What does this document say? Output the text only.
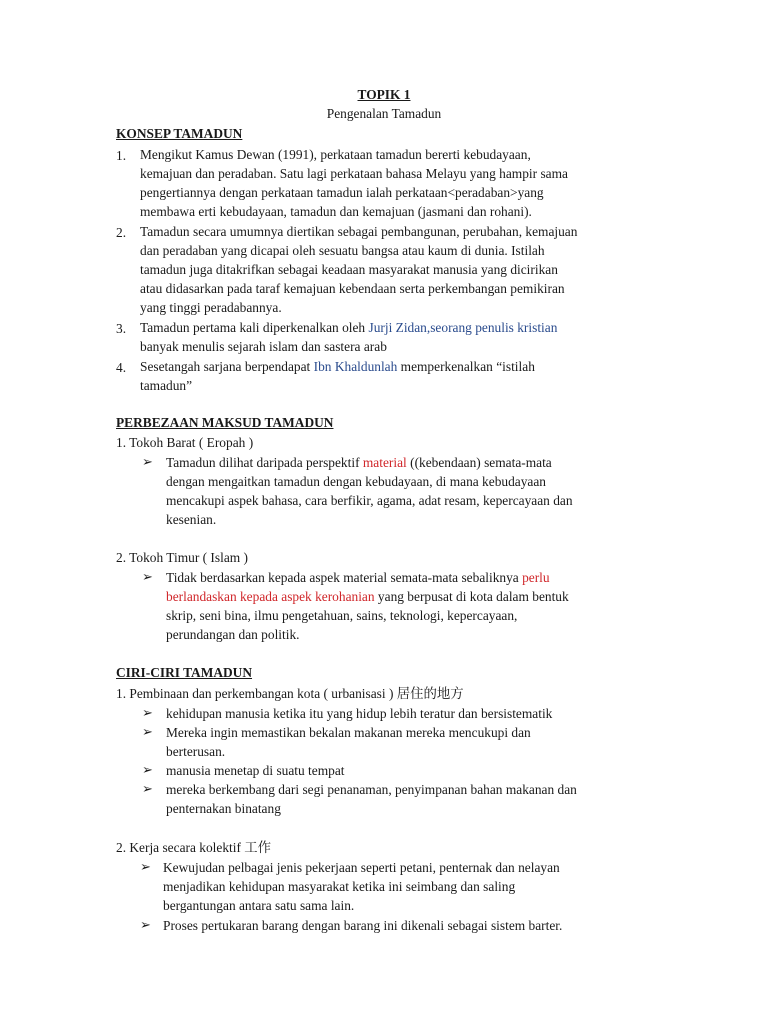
TOPIK 1
Pengenalan Tamadun
KONSEP TAMADUN
1. Mengikut Kamus Dewan (1991), perkataan tamadun bererti kebudayaan,
kemajuan dan peradaban. Satu lagi perkataan bahasa Melayu yang hampir sama
pengertiannya dengan perkataan tamadun ialah perkataan<peradaban>yang
membawa erti kebudayaan, tamadun dan kemajuan (jasmani dan rohani).
2. Tamadun secara umumnya diertikan sebagai pembangunan, perubahan, kemajuan
dan peradaban yang dicapai oleh sesuatu bangsa atau kaum di dunia. Istilah
tamadun juga ditakrifkan sebagai keadaan masyarakat manusia yang dicirikan
atau didasarkan pada taraf kemajuan kebendaan serta perkembangan pemikiran
yang tinggi peradabannya.
3. Tamadun pertama kali diperkenalkan oleh Jurji Zidan,seorang penulis kristian
banyak menulis sejarah islam dan sastera arab
4. Sesetangah sarjana berpendapat Ibn Khaldunlah memperkenalkan “istilah
tamadun”
PERBEZAAN MAKSUD TAMADUN
1. Tokoh Barat ( Eropah )
➢ Tamadun dilihat daripada perspektif material ((kebendaan) semata-mata
dengan mengaitkan tamadun dengan kebudayaan, di mana kebudayaan
mencakupi aspek bahasa, cara berfikir, agama, adat resam, kepercayaan dan
kesenian.
2. Tokoh Timur ( Islam )
➢ Tidak berdasarkan kepada aspek material semata-mata sebaliknya perlu
berlandaskan kepada aspek kerohanian yang berpusat di kota dalam bentuk
skrip, seni bina, ilmu pengetahuan, sains, teknologi, kepercayaan,
perundangan dan politik.
CIRI-CIRI TAMADUN
1. Pembinaan dan perkembangan kota ( urbanisasi ) 居住的地方
➢ kehidupan manusia ketika itu yang hidup lebih teratur dan bersistematik
➢ Mereka ingin memastikan bekalan makanan mereka mencukupi dan
berterusan.
➢ manusia menetap di suatu tempat
➢ mereka berkembang dari segi penanaman, penyimpanan bahan makanan dan
penternakan binatang
2. Kerja secara kolektif 工作
➢ Kewujudan pelbagai jenis pekerjaan seperti petani, penternak dan nelayan
menjadikan kehidupan masyarakat ketika ini seimbang dan saling
bergantungan antara satu sama lain.
➢ Proses pertukaran barang dengan barang ini dikenali sebagai sistem barter.
